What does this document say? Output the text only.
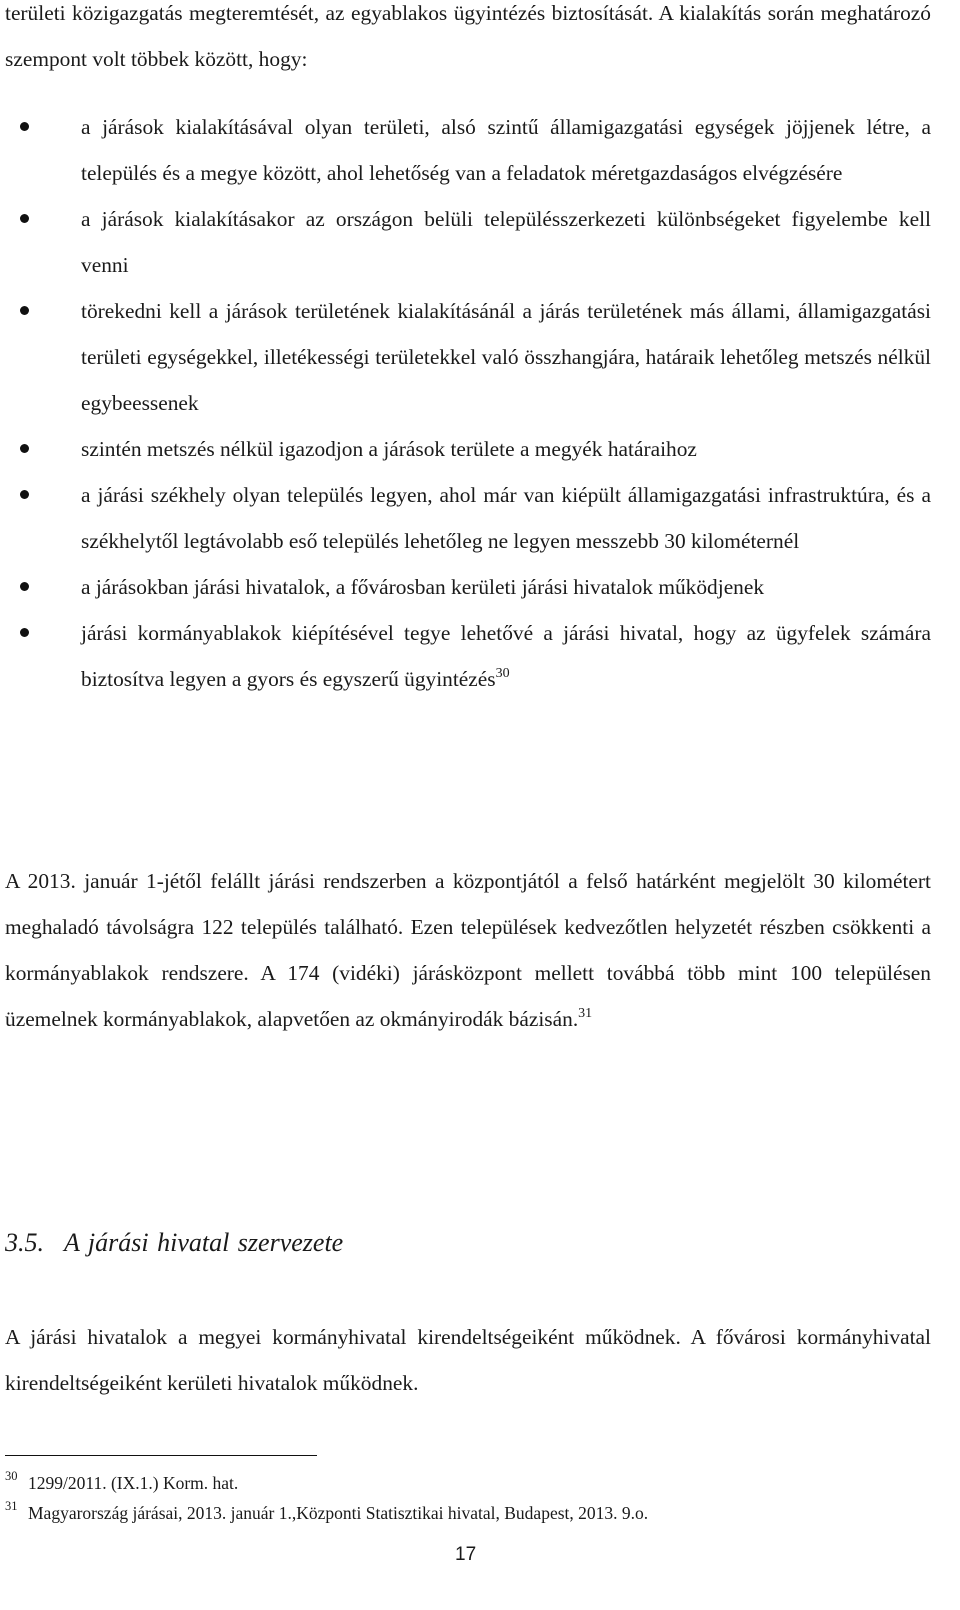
területi közigazgatás megteremtését, az egyablakos ügyintézés biztosítását. A kialakítás során meghatározó szempont volt többek között, hogy:

a járások kialakításával olyan területi, alsó szintű államigazgatási egységek jöjjenek létre, a település és a megye között, ahol lehetőség van a feladatok méretgazdaságos elvégzésére
a járások kialakításakor az országon belüli településszerkezeti különbségeket figyelembe kell venni
törekedni kell a járások területének kialakításánál a járás területének más állami, államigazgatási területi egységekkel, illetékességi területekkel való összhangjára, határaik lehetőleg metszés nélkül egybeessenek
szintén metszés nélkül igazodjon a járások területe a megyék határaihoz
a járási székhely olyan település legyen, ahol már van kiépült államigazgatási infrastruktúra, és a székhelytől legtávolabb eső település lehetőleg ne legyen messzebb 30 kilométernél
a járásokban járási hivatalok, a fővárosban kerületi járási hivatalok működjenek
járási kormányablakok kiépítésével tegye lehetővé a járási hivatal, hogy az ügyfelek számára biztosítva legyen a gyors és egyszerű ügyintézés$^{30}$

A 2013. január 1-jétől felállt járási rendszerben a központjától a felső határként megjelölt 30 kilométert meghaladó távolságra 122 település található. Ezen települések kedvezőtlen helyzetét részben csökkenti a kormányablakok rendszere. A 174 (vidéki) járásközpont mellett továbbá több mint 100 településen üzemelnek kormányablakok, alapvetően az okmányirodák bázisán.$^{31}$

3.5. A járási hivatal szervezete

A járási hivatalok a megyei kormányhivatal kirendeltségeiként működnek. A fővárosi kormányhivatal kirendeltségeiként kerületi hivatalok működnek.

30 1299/2011. (IX.1.) Korm. hat.
31 Magyarország járásai, 2013. január 1.,Központi Statisztikai hivatal, Budapest, 2013. 9.o.
17
